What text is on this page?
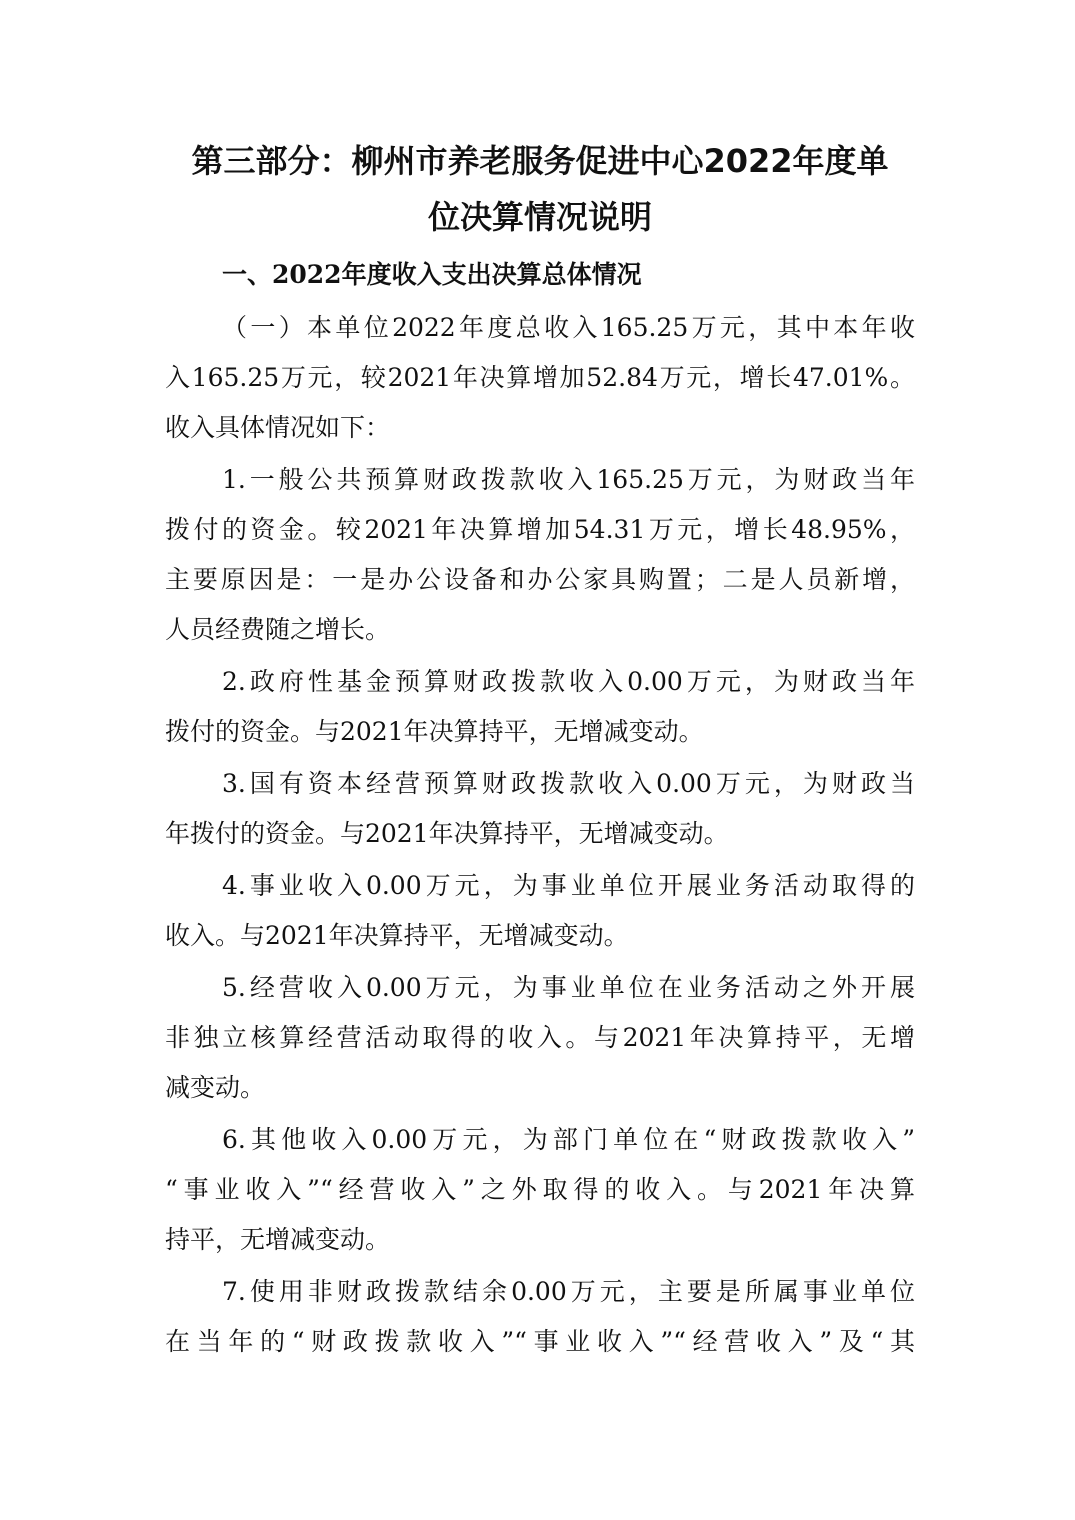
第三部分：柳州市养老服务促进中心2022年度单
位决算情况说明
一、2022年度收入支出决算总体情况
（一）本单位2022年度总收入165.25万元，其中本年收
入165.25万元，较2021年决算增加52.84万元，增长47.01%。
收入具体情况如下：
1.一般公共预算财政拨款收入165.25万元，为财政当年
拨付的资金。较2021年决算增加54.31万元，增长48.95%，
主要原因是：一是办公设备和办公家具购置；二是人员新增，
人员经费随之增长。
2.政府性基金预算财政拨款收入0.00万元，为财政当年
拨付的资金。与2021年决算持平，无增减变动。
3.国有资本经营预算财政拨款收入0.00万元，为财政当
年拨付的资金。与2021年决算持平，无增减变动。
4.事业收入0.00万元，为事业单位开展业务活动取得的
收入。与2021年决算持平，无增减变动。
5.经营收入0.00万元，为事业单位在业务活动之外开展
非独立核算经营活动取得的收入。与2021年决算持平，无增
减变动。
6.其他收入0.00万元，为部门单位在“财政拨款收入”
“事业收入”“经营收入”之外取得的收入。与2021年决算
持平，无增减变动。
7.使用非财政拨款结余0.00万元，主要是所属事业单位
在当年的“财政拨款收入”“事业收入”“经营收入”及“其
